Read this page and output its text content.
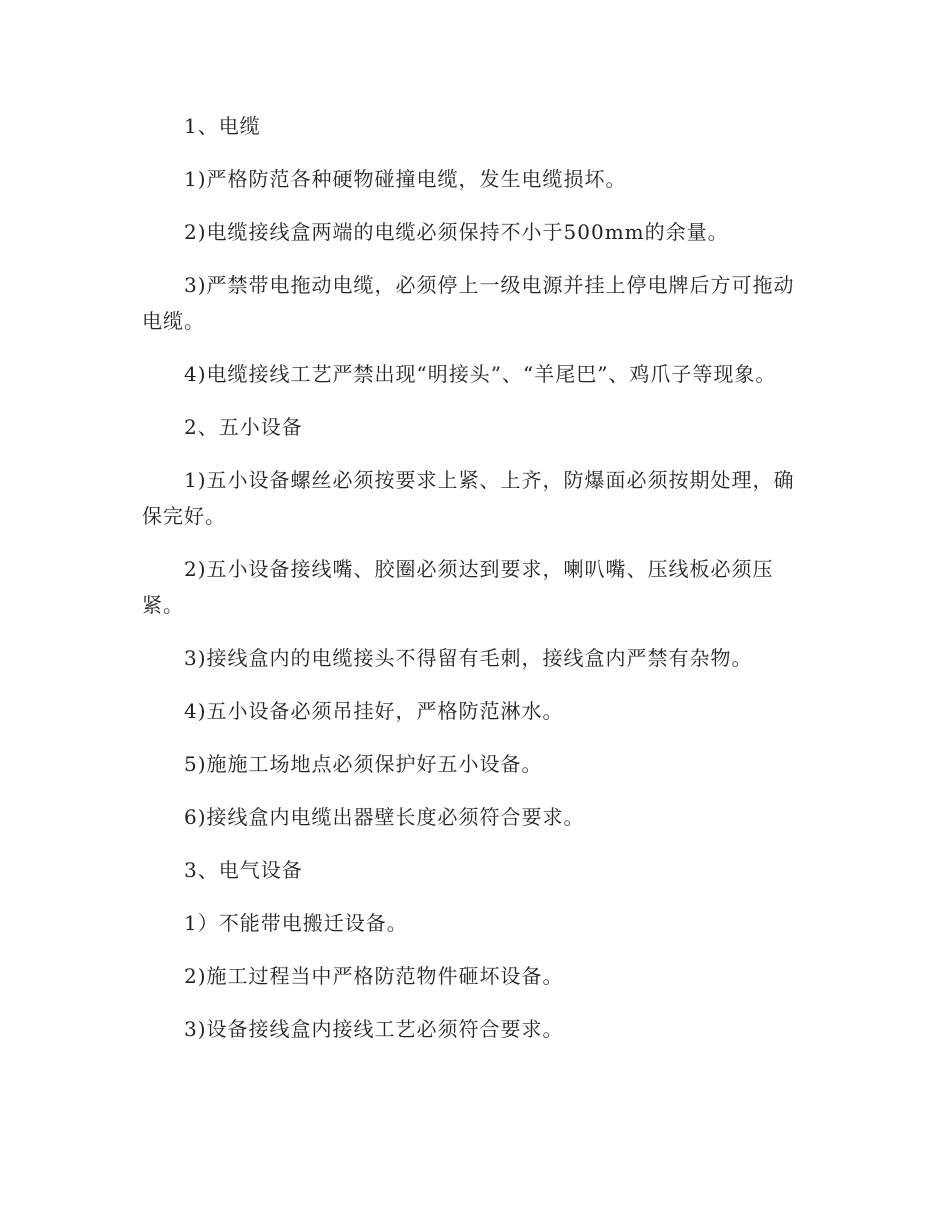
1、电缆

1)严格防范各种硬物碰撞电缆，发生电缆损坏。

2)电缆接线盒两端的电缆必须保持不小于500mm的余量。

3)严禁带电拖动电缆，必须停上一级电源并挂上停电牌后方可拖动电缆。

4)电缆接线工艺严禁出现“明接头”、“羊尾巴”、鸡爪子等现象。

2、五小设备

1)五小设备螺丝必须按要求上紧、上齐，防爆面必须按期处理，确保完好。

2)五小设备接线嘴、胶圈必须达到要求，喇叭嘴、压线板必须压紧。

3)接线盒内的电缆接头不得留有毛刺，接线盒内严禁有杂物。

4)五小设备必须吊挂好，严格防范淋水。

5)施施工场地点必须保护好五小设备。

6)接线盒内电缆出器壁长度必须符合要求。

3、电气设备

1）不能带电搬迁设备。

2)施工过程当中严格防范物件砸坏设备。

3)设备接线盒内接线工艺必须符合要求。
